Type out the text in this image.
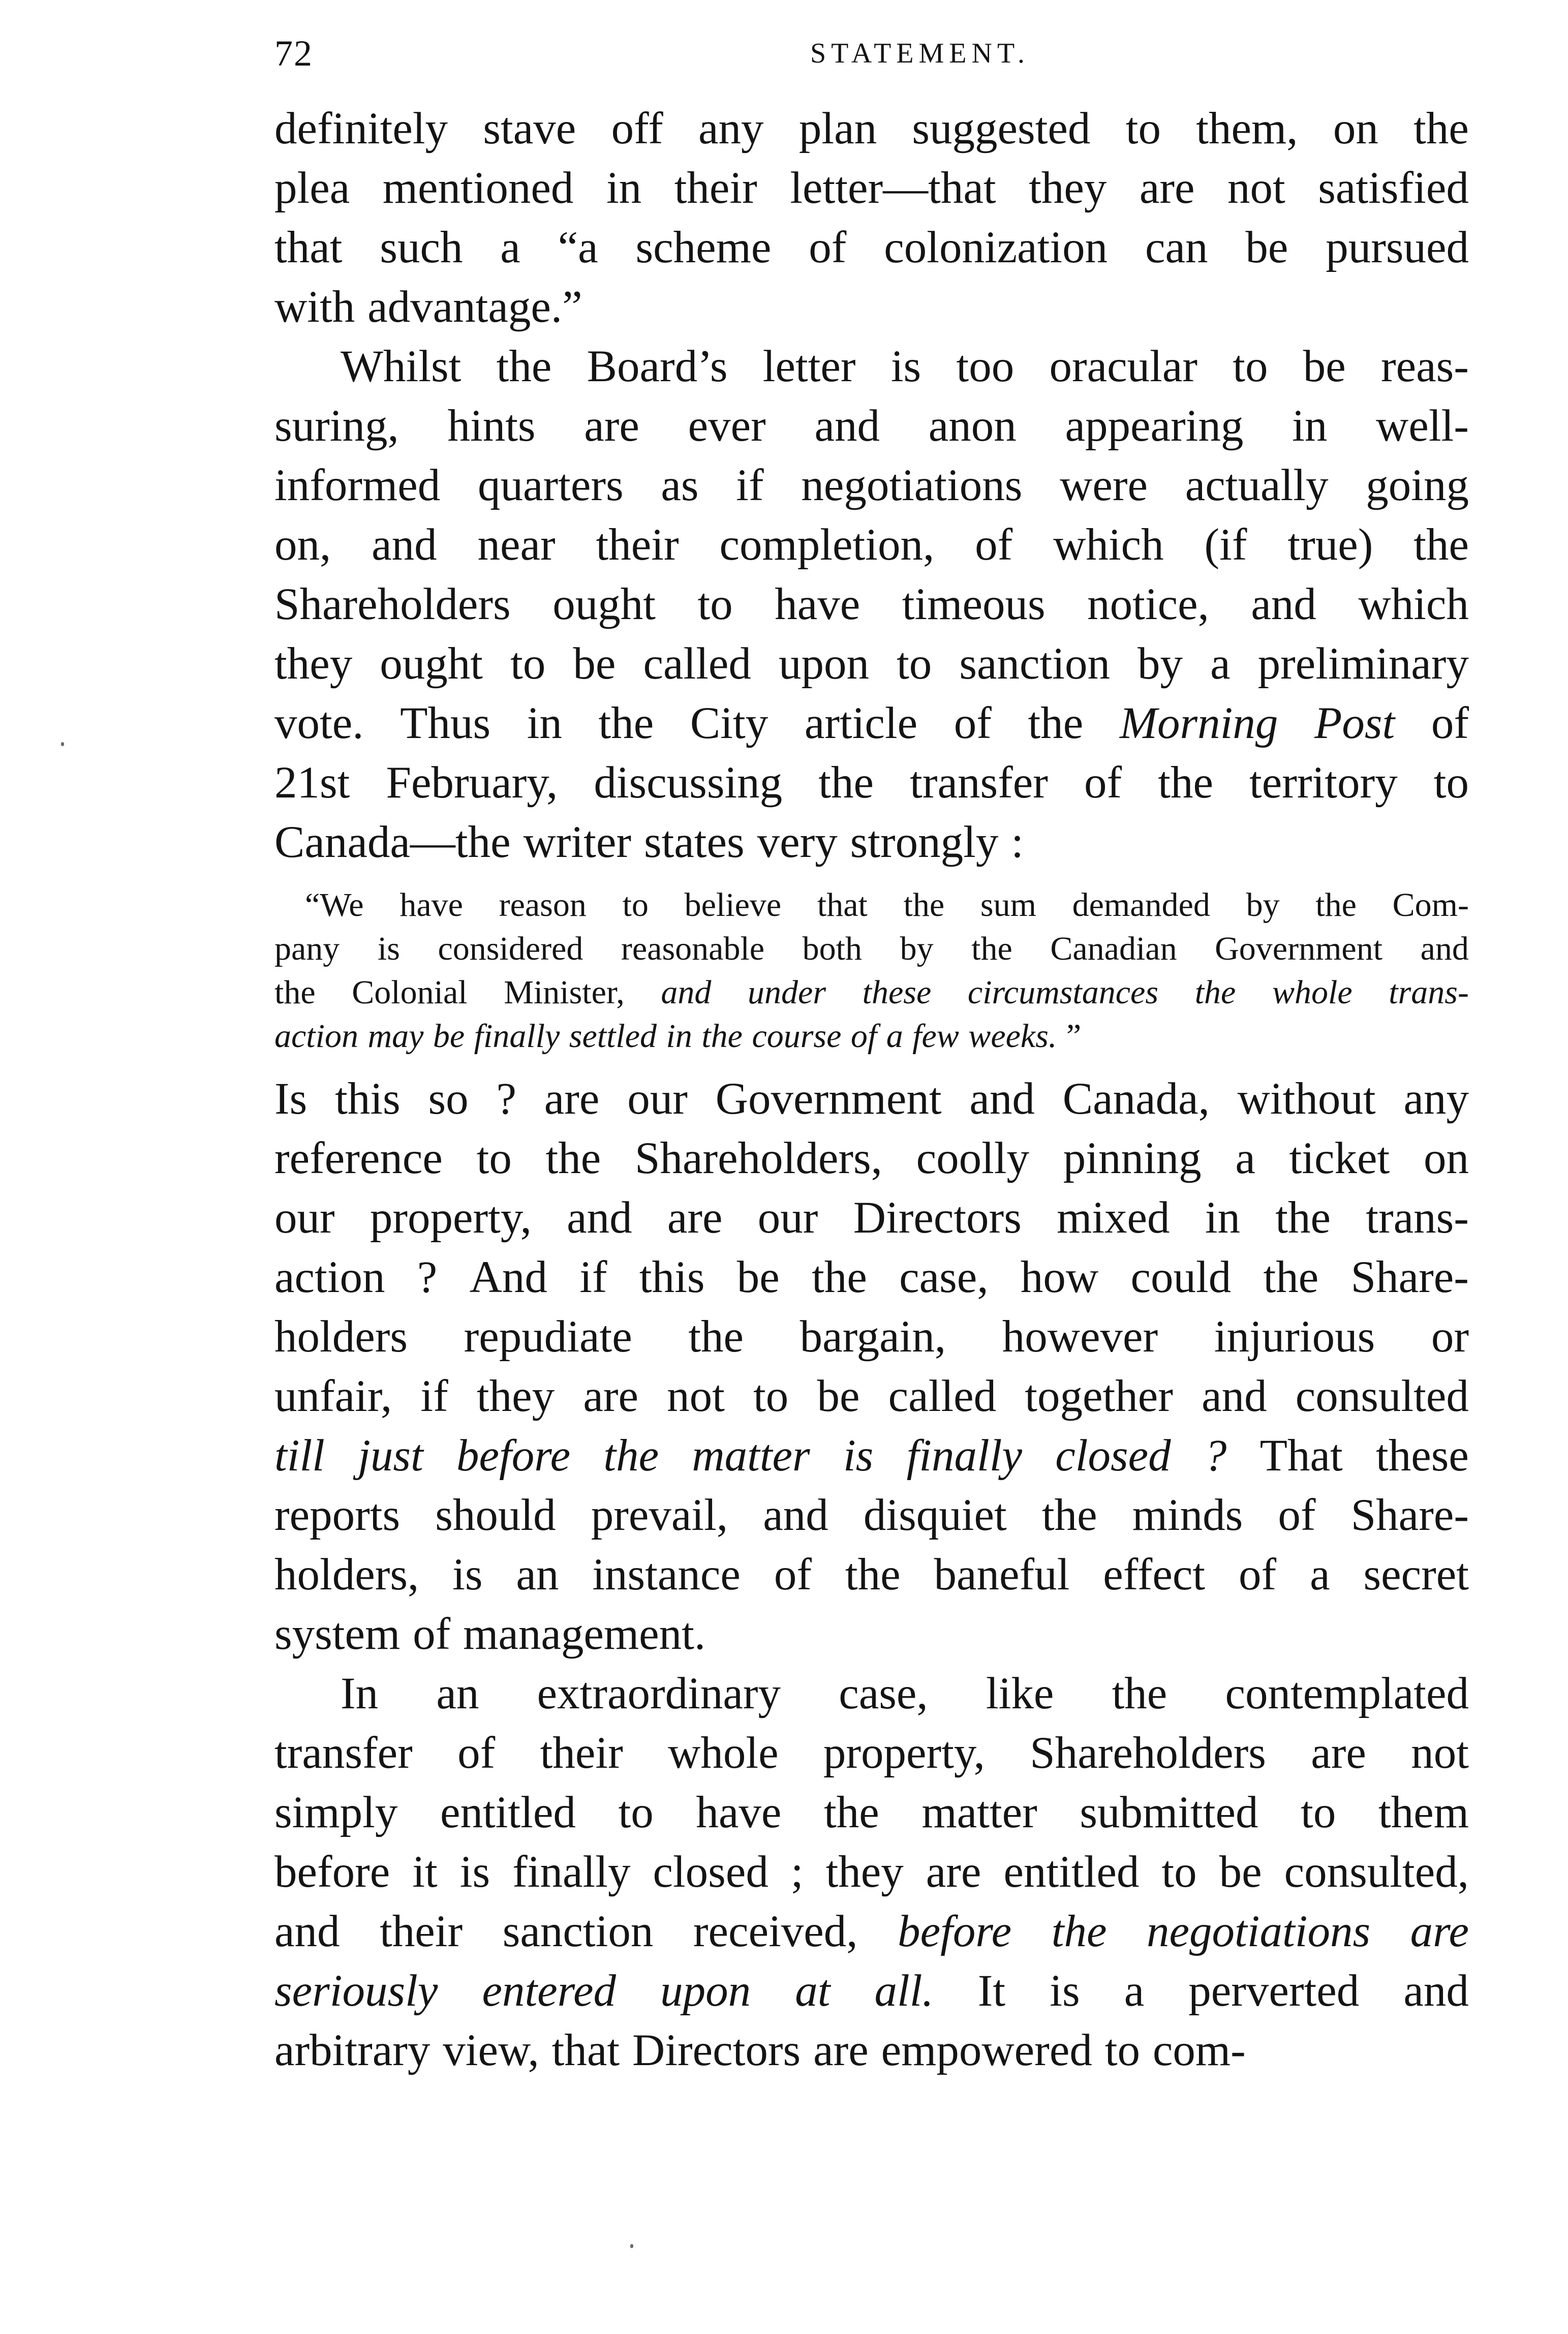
72	STATEMENT.
definitely stave off any plan suggested to them, on the
plea mentioned in their letter—that they are not satisfied
that such a “a scheme of colonization can be pursued
with advantage.”
Whilst the Board’s letter is too oracular to be reas-
suring, hints are ever and anon appearing in well-
informed quarters as if negotiations were actually going
on, and near their completion, of which (if true) the
Shareholders ought to have timeous notice, and which
they ought to be called upon to sanction by a preliminary
vote. Thus in the City article of the Morning Post of
21st February, discussing the transfer of the territory to
Canada—the writer states very strongly :
“We have reason to believe that the sum demanded by the Com-
pany is considered reasonable both by the Canadian Government and
the Colonial Minister, and under these circumstances the whole trans-
action may be finally settled in the course of a few weeks. ”
Is this so ? are our Government and Canada, without any
reference to the Shareholders, coolly pinning a ticket on
our property, and are our Directors mixed in the trans-
action ? And if this be the case, how could the Share-
holders repudiate the bargain, however injurious or
unfair, if they are not to be called together and consulted
till just before the matter is finally closed ? That these
reports should prevail, and disquiet the minds of Share-
holders, is an instance of the baneful effect of a secret
system of management.
In an extraordinary case, like the contemplated
transfer of their whole property, Shareholders are not
simply entitled to have the matter submitted to them
before it is finally closed ; they are entitled to be consulted,
and their sanction received, before the negotiations are
seriously entered upon at all. It is a perverted and
arbitrary view, that Directors are empowered to com-
